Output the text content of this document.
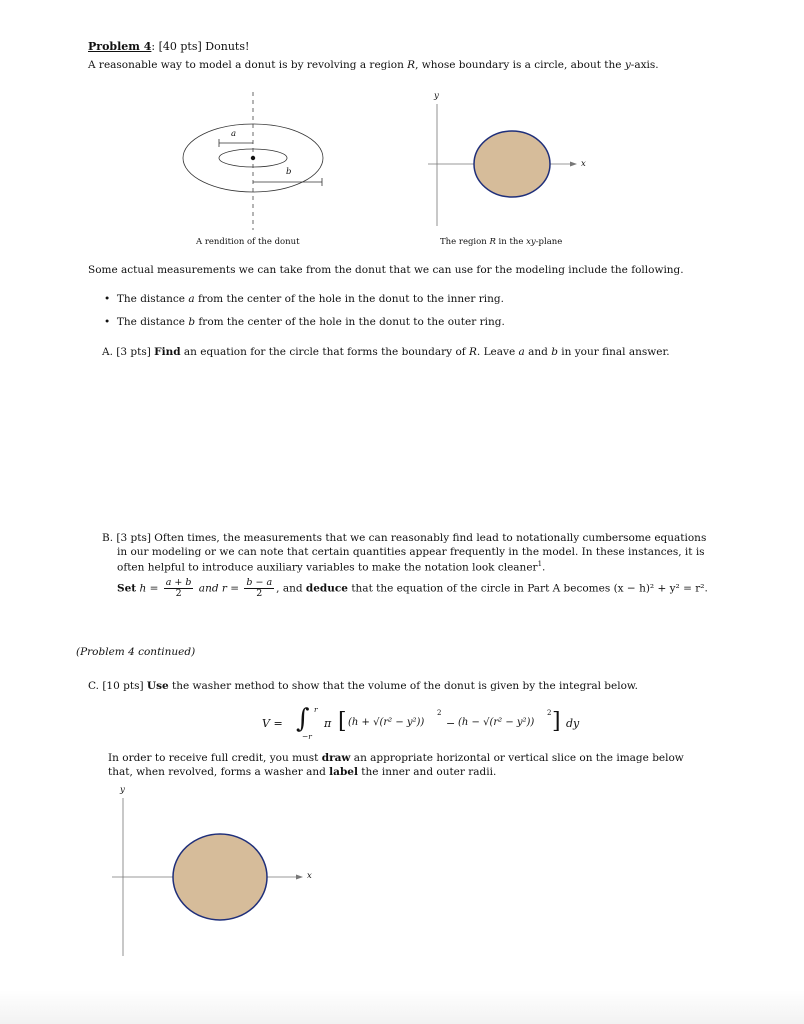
Problem 4: [40 pts] Donuts!
A reasonable way to model a donut is by revolving a region R, whose boundary is a circle, about the y-axis.
a
b
A rendition of the donut
y
x
The region R in the xy-plane
Some actual measurements we can take from the donut that we can use for the modeling include the following.
•  The distance a from the center of the hole in the donut to the inner ring.
•  The distance b from the center of the hole in the donut to the outer ring.
A. [3 pts] Find an equation for the circle that forms the boundary of R. Leave a and b in your final answer.
B. [3 pts] Often times, the measurements that we can reasonably find lead to notationally cumbersome equations
in our modeling or we can note that certain quantities appear frequently in the model. In these instances, it is
often helpful to introduce auxiliary variables to make the notation look cleaner$^1$.
Set $h = \frac{a + b}{2}$ and $r = \frac{b - a}{2}$ , and deduce that the equation of the circle in Part A becomes (x − h)² + y² = r².
(Problem 4 continued)
C. [10 pts] Use the washer method to show that the volume of the donut is given by the integral below.
V = ∫ r
−r
π [ (h + √(r² − y²))
2
− (h − √(r² − y²))
2 ] dy
In order to receive full credit, you must draw an appropriate horizontal or vertical slice on the image below
that, when revolved, forms a washer and label the inner and outer radii.
y
x
